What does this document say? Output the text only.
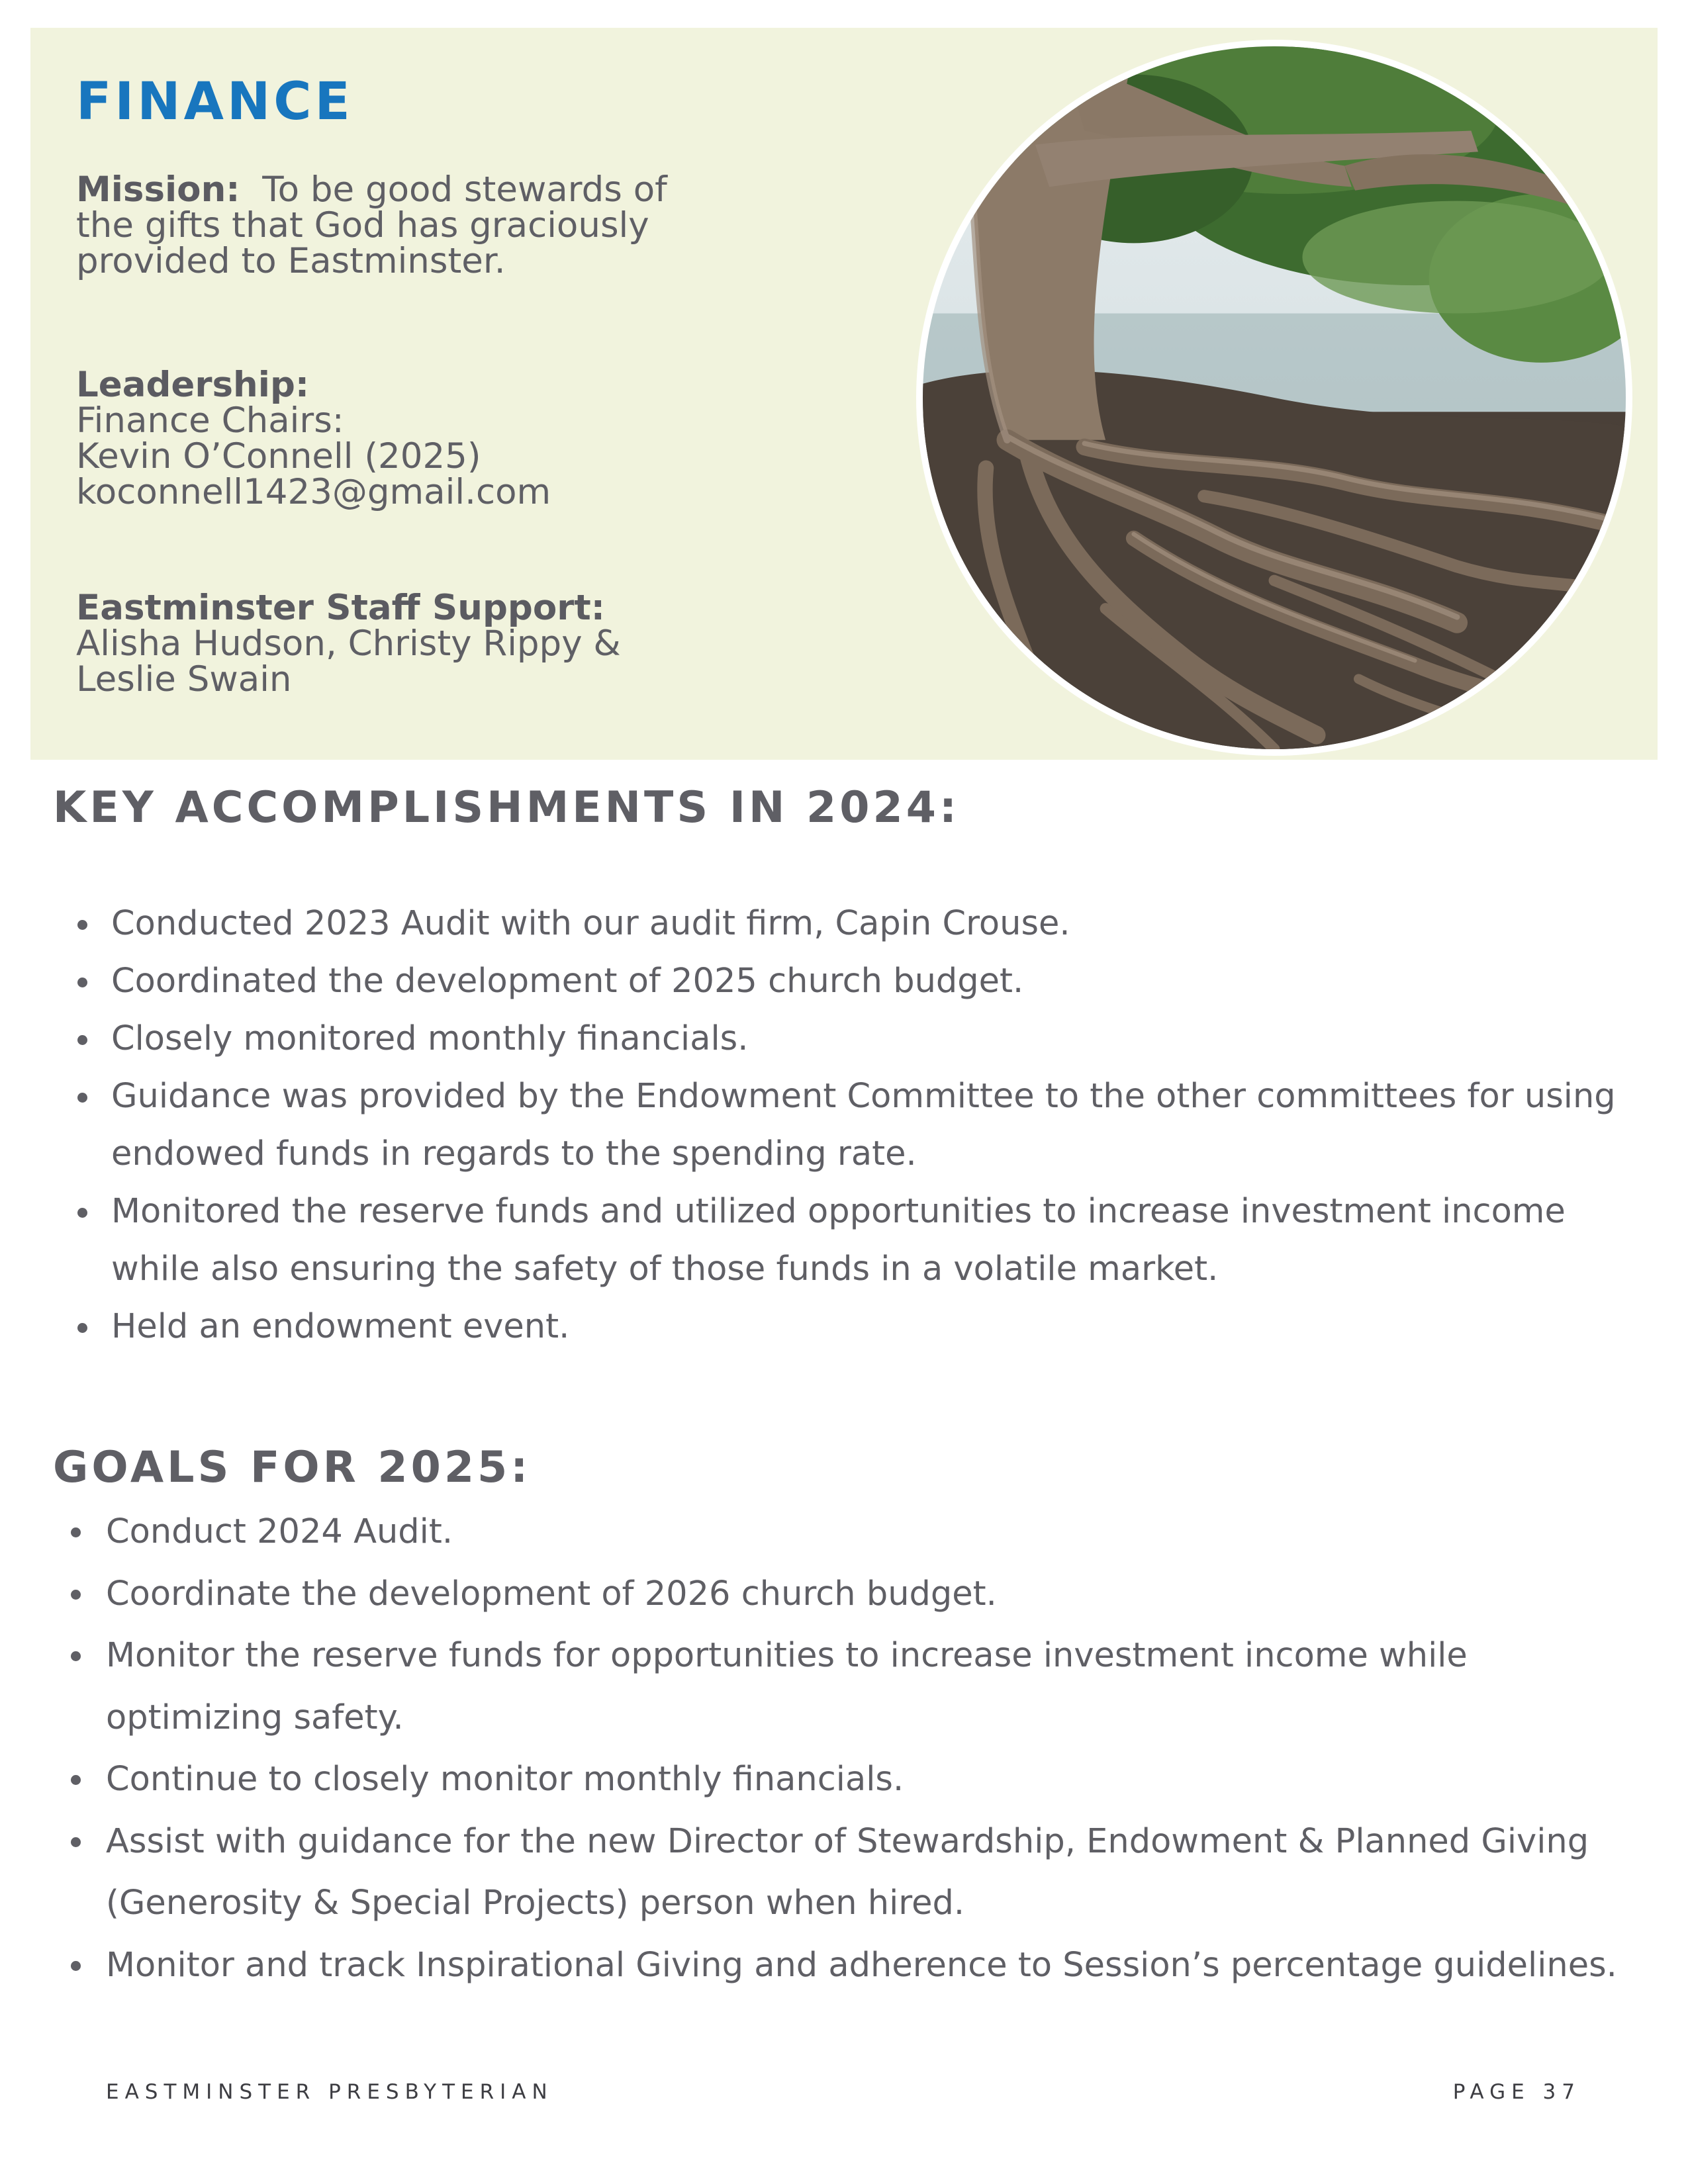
FINANCE
Mission: To be good stewards of the gifts that God has graciously provided to Eastminster.
Leadership:
Finance Chairs:
Kevin O’Connell (2025)
koconnell1423@gmail.com
Eastminster Staff Support:
Alisha Hudson, Christy Rippy & Leslie Swain
KEY ACCOMPLISHMENTS IN 2024:
Conducted 2023 Audit with our audit firm, Capin Crouse.
Coordinated the development of 2025 church budget.
Closely monitored monthly financials.
Guidance was provided by the Endowment Committee to the other committees for using endowed funds in regards to the spending rate.
Monitored the reserve funds and utilized opportunities to increase investment income while also ensuring the safety of those funds in a volatile market.
Held an endowment event.
GOALS FOR 2025:
Conduct 2024 Audit.
Coordinate the development of 2026 church budget.
Monitor the reserve funds for opportunities to increase investment income while optimizing safety.
Continue to closely monitor monthly financials.
Assist with guidance for the new Director of Stewardship, Endowment & Planned Giving (Generosity & Special Projects) person when hired.
Monitor and track Inspirational Giving and adherence to Session’s percentage guidelines.
EASTMINSTER PRESBYTERIAN	PAGE 37
